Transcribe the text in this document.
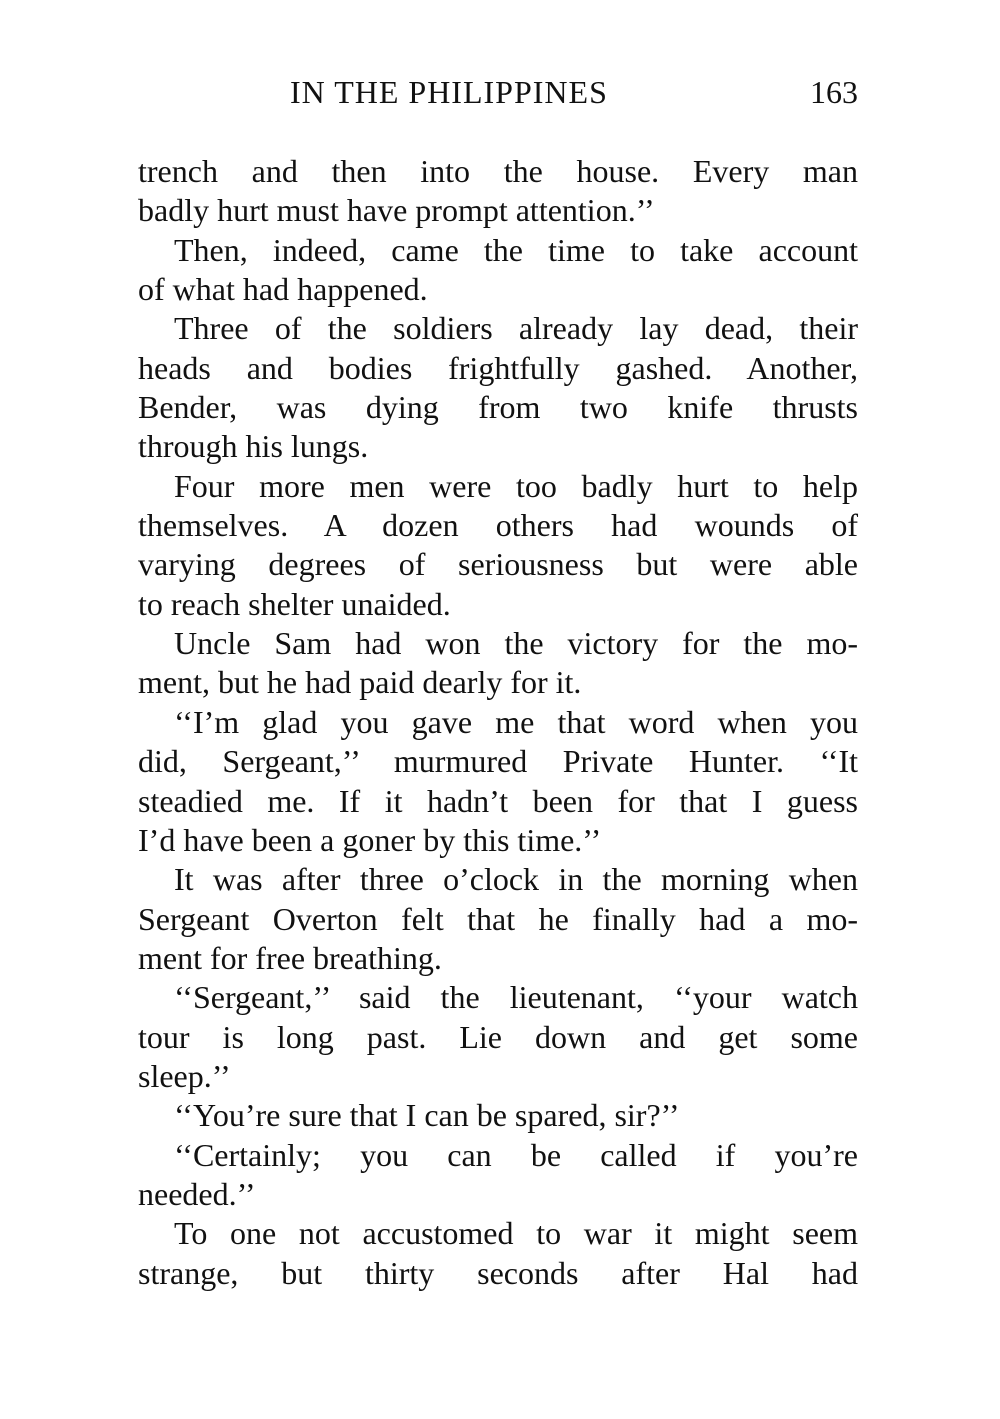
IN THE PHILIPPINES	163
trench and then into the house. Every man
badly hurt must have prompt attention.’’
Then, indeed, came the time to take account
of what had happened.
Three of the soldiers already lay dead, their
heads and bodies frightfully gashed. Another,
Bender, was dying from two knife thrusts
through his lungs.
Four more men were too badly hurt to help
themselves. A dozen others had wounds of
varying degrees of seriousness but were able
to reach shelter unaided.
Uncle Sam had won the victory for the mo-
ment, but he had paid dearly for it.
‘‘I’m glad you gave me that word when you
did, Sergeant,’’ murmured Private Hunter. ‘‘It
steadied me. If it hadn’t been for that I guess
I’d have been a goner by this time.’’
It was after three o’clock in the morning when
Sergeant Overton felt that he finally had a mo-
ment for free breathing.
‘‘Sergeant,’’ said the lieutenant, ‘‘your watch
tour is long past. Lie down and get some
sleep.’’
‘‘You’re sure that I can be spared, sir?’’
‘‘Certainly; you can be called if you’re
needed.’’
To one not accustomed to war it might seem
strange, but thirty seconds after Hal had
